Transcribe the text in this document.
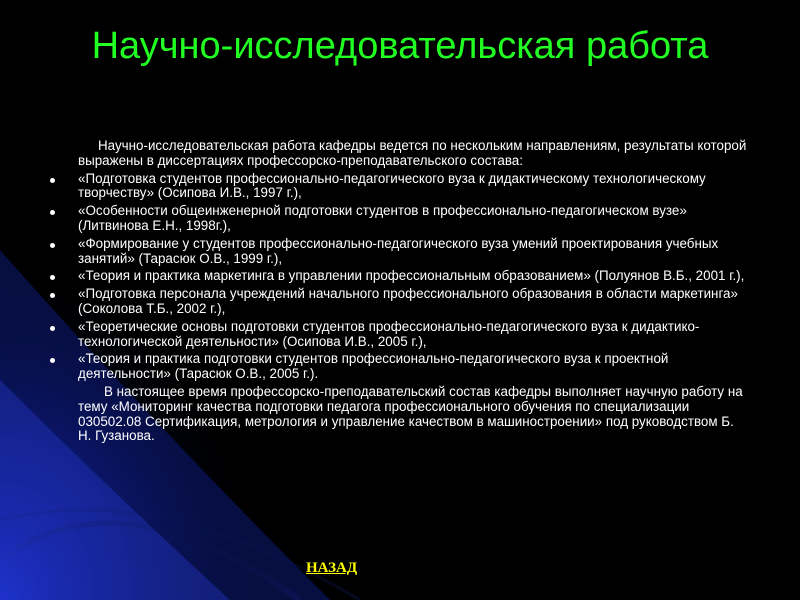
Научно-исследовательская работа

Научно-исследовательская работа кафедры ведется по нескольким направлениям, результаты которой выражены в диссертациях профессорско-преподавательского состава:

«Подготовка студентов профессионально-педагогического вуза к дидактическому технологическому творчеству» (Осипова И.В., 1997 г.),
«Особенности общеинженерной подготовки студентов в профессионально-педагогическом вузе» (Литвинова Е.Н., 1998г.),
«Формирование у студентов профессионально-педагогического вуза умений проектирования учебных занятий» (Тарасюк О.В., 1999 г.),
«Теория и практика маркетинга в управлении профессиональным образованием» (Полуянов В.Б., 2001 г.),
«Подготовка персонала учреждений начального профессионального образования в области маркетинга» (Соколова Т.Б., 2002 г.),
«Теоретические основы подготовки студентов профессионально-педагогического вуза к дидактико-технологической деятельности» (Осипова И.В., 2005 г.),
«Теория и практика подготовки студентов профессионально-педагогического вуза к проектной деятельности» (Тарасюк О.В., 2005 г.).

В настоящее время профессорско-преподавательский состав кафедры выполняет научную работу на тему «Мониторинг качества подготовки педагога профессионального обучения по специализации 030502.08 Сертификация, метрология и управление качеством в машиностроении» под руководством Б. Н. Гузанова.

НАЗАД
